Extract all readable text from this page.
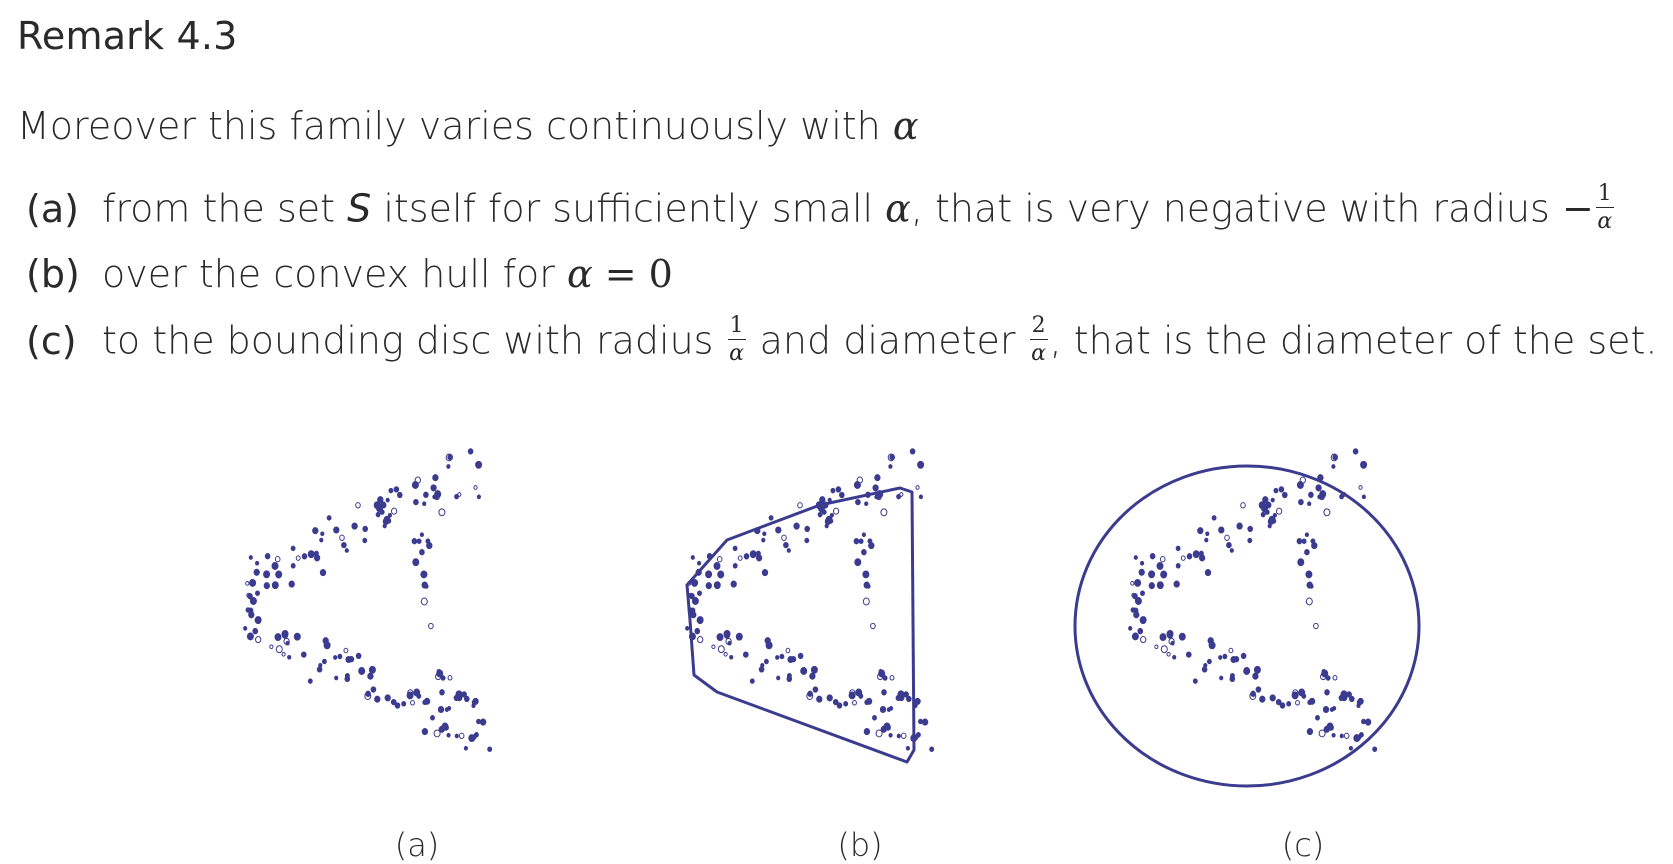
Remark 4.3
Moreover this family varies continuously with α
(a) from the set S itself for sufficiently small α, that is very negative with radius − $\frac{1}{\alpha}$
(b) over the convex hull for α = 0
(c) to the bounding disc with radius $\frac{1}{\alpha}$ and diameter $\frac{2}{\alpha}$ , that is the diameter of the set.
(a)	(b)	(c)
